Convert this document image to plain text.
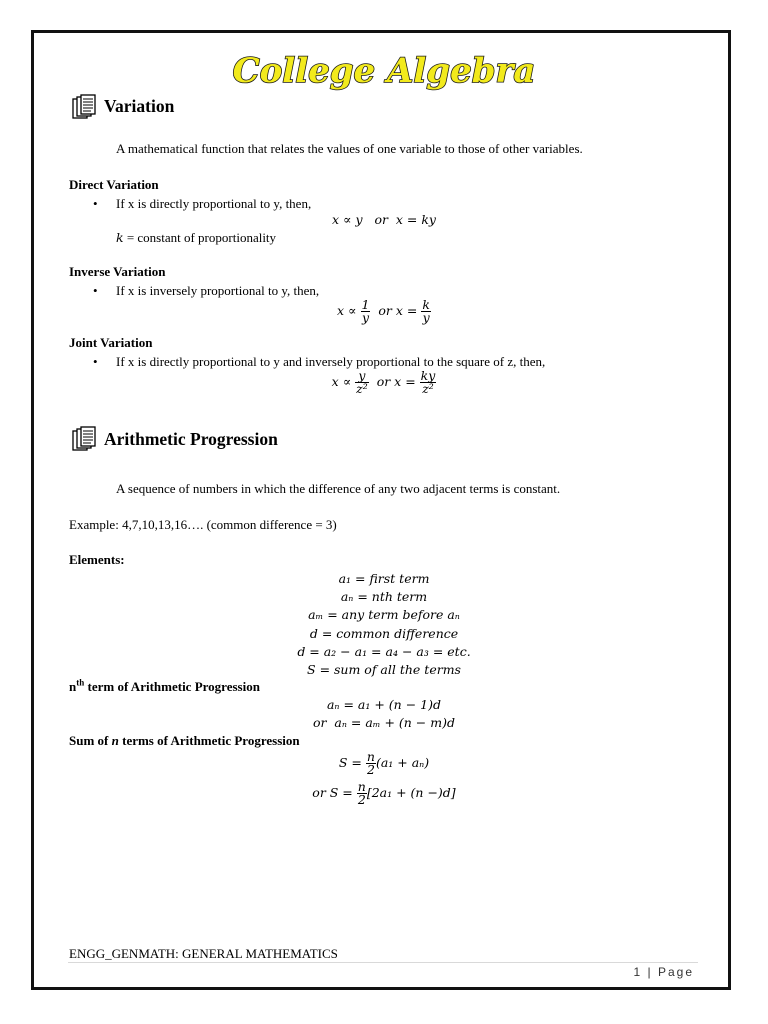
College Algebra
Variation
A mathematical function that relates the values of one variable to those of other variables.
Direct Variation
• If x is directly proportional to y, then,
x ∝ y   or  x = ky
k = constant of proportionality
Inverse Variation
• If x is inversely proportional to y, then,
$x \propto \frac{1}{y}$ or $x = \frac{k}{y}$
Joint Variation
• If x is directly proportional to y and inversely proportional to the square of z, then,
$x \propto \frac{y}{\text{z²}}$ or $x = \frac{ky}{\text{z²}}$
Arithmetic Progression
A sequence of numbers in which the difference of any two adjacent terms is constant.
Example: 4,7,10,13,16…. (common difference = 3)
Elements:
a₁ = first term
aₙ = nth term
aₘ = any term before aₙ
d = common difference
d = a₂ − a₁ = a₄ − a₃ = etc.
S = sum of all the terms
$n^{th}$ term of Arithmetic Progression
aₙ = a₁ + (n − 1)d
or  aₙ = aₘ + (n − m)d
Sum of n terms of Arithmetic Progression
$S = \frac{n}{2} (a_1 + a_n)$
or $S = \frac{n}{2} [2a_1 + (n -)d]$
ENGG_GENMATH: GENERAL MATHEMATICS
1 | Page
